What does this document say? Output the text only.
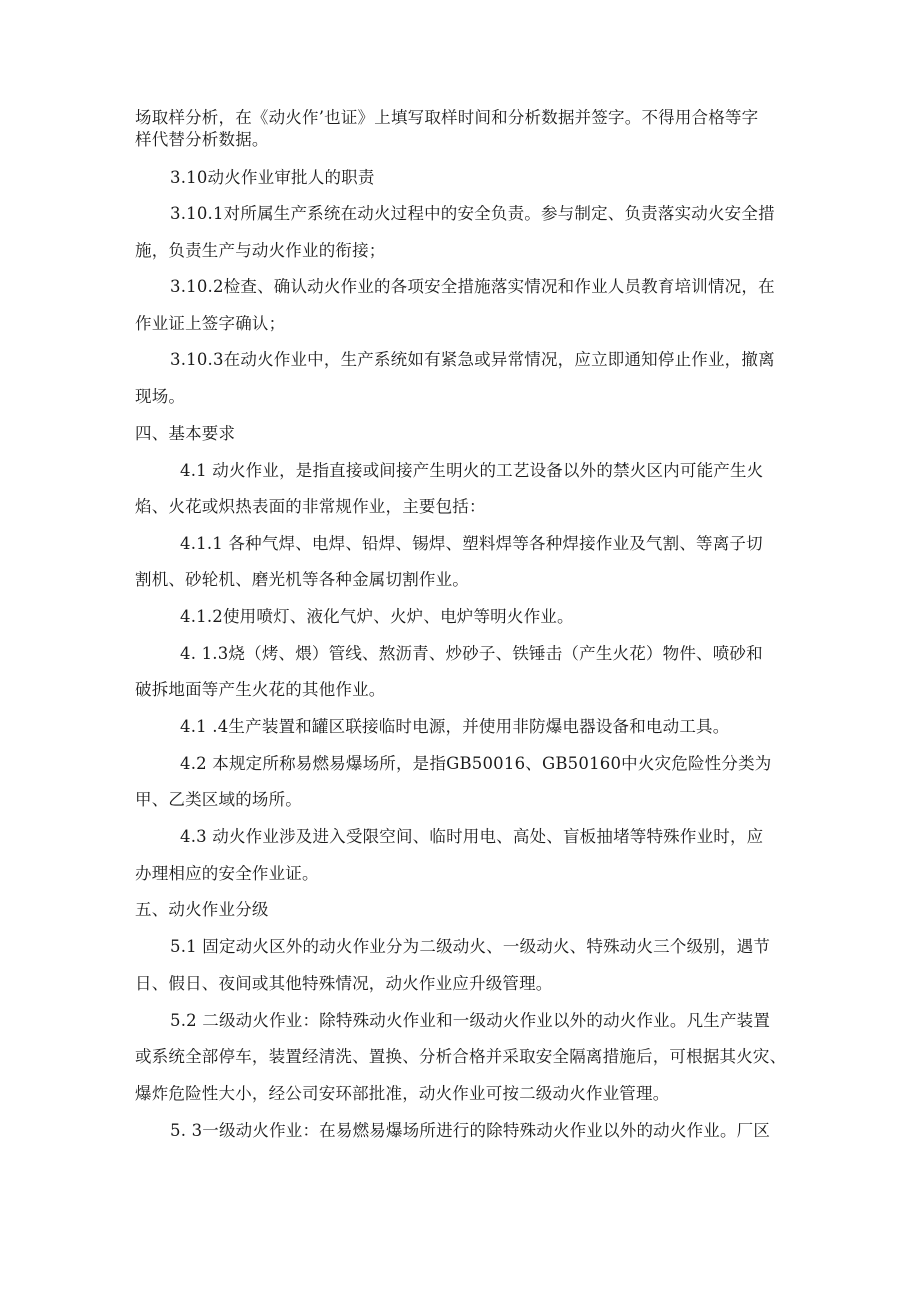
场取样分析，在《动火作’也证》上填写取样时间和分析数据并签字。不得用合格等字
样代替分析数据。
3.10动火作业审批人的职责
3.10.1对所属生产系统在动火过程中的安全负责。参与制定、负责落实动火安全措
施，负责生产与动火作业的衔接；
3.10.2检查、确认动火作业的各项安全措施落实情况和作业人员教育培训情况，在
作业证上签字确认；
3.10.3在动火作业中，生产系统如有紧急或异常情况，应立即通知停止作业，撤离
现场。
四、基本要求
4.1 动火作业，是指直接或间接产生明火的工艺设备以外的禁火区内可能产生火
焰、火花或炽热表面的非常规作业，主要包括：
4.1.1 各种气焊、电焊、铅焊、锡焊、塑料焊等各种焊接作业及气割、等离子切
割机、砂轮机、磨光机等各种金属切割作业。
4.1.2使用喷灯、液化气炉、火炉、电炉等明火作业。
4. 1.3烧（烤、煨）管线、熬沥青、炒砂子、铁锤击（产生火花）物件、喷砂和
破拆地面等产生火花的其他作业。
4.1 .4生产装置和罐区联接临时电源，并使用非防爆电器设备和电动工具。
4.2 本规定所称易燃易爆场所，是指GB50016、GB50160中火灾危险性分类为
甲、乙类区域的场所。
4.3 动火作业涉及进入受限空间、临时用电、高处、盲板抽堵等特殊作业时，应
办理相应的安全作业证。
五、动火作业分级
5.1 固定动火区外的动火作业分为二级动火、一级动火、特殊动火三个级别，遇节
日、假日、夜间或其他特殊情况，动火作业应升级管理。
5.2 二级动火作业：除特殊动火作业和一级动火作业以外的动火作业。凡生产装置
或系统全部停车，装置经清洗、置换、分析合格并采取安全隔离措施后，可根据其火灾、
爆炸危险性大小，经公司安环部批准，动火作业可按二级动火作业管理。
5. 3一级动火作业：在易燃易爆场所进行的除特殊动火作业以外的动火作业。厂区
